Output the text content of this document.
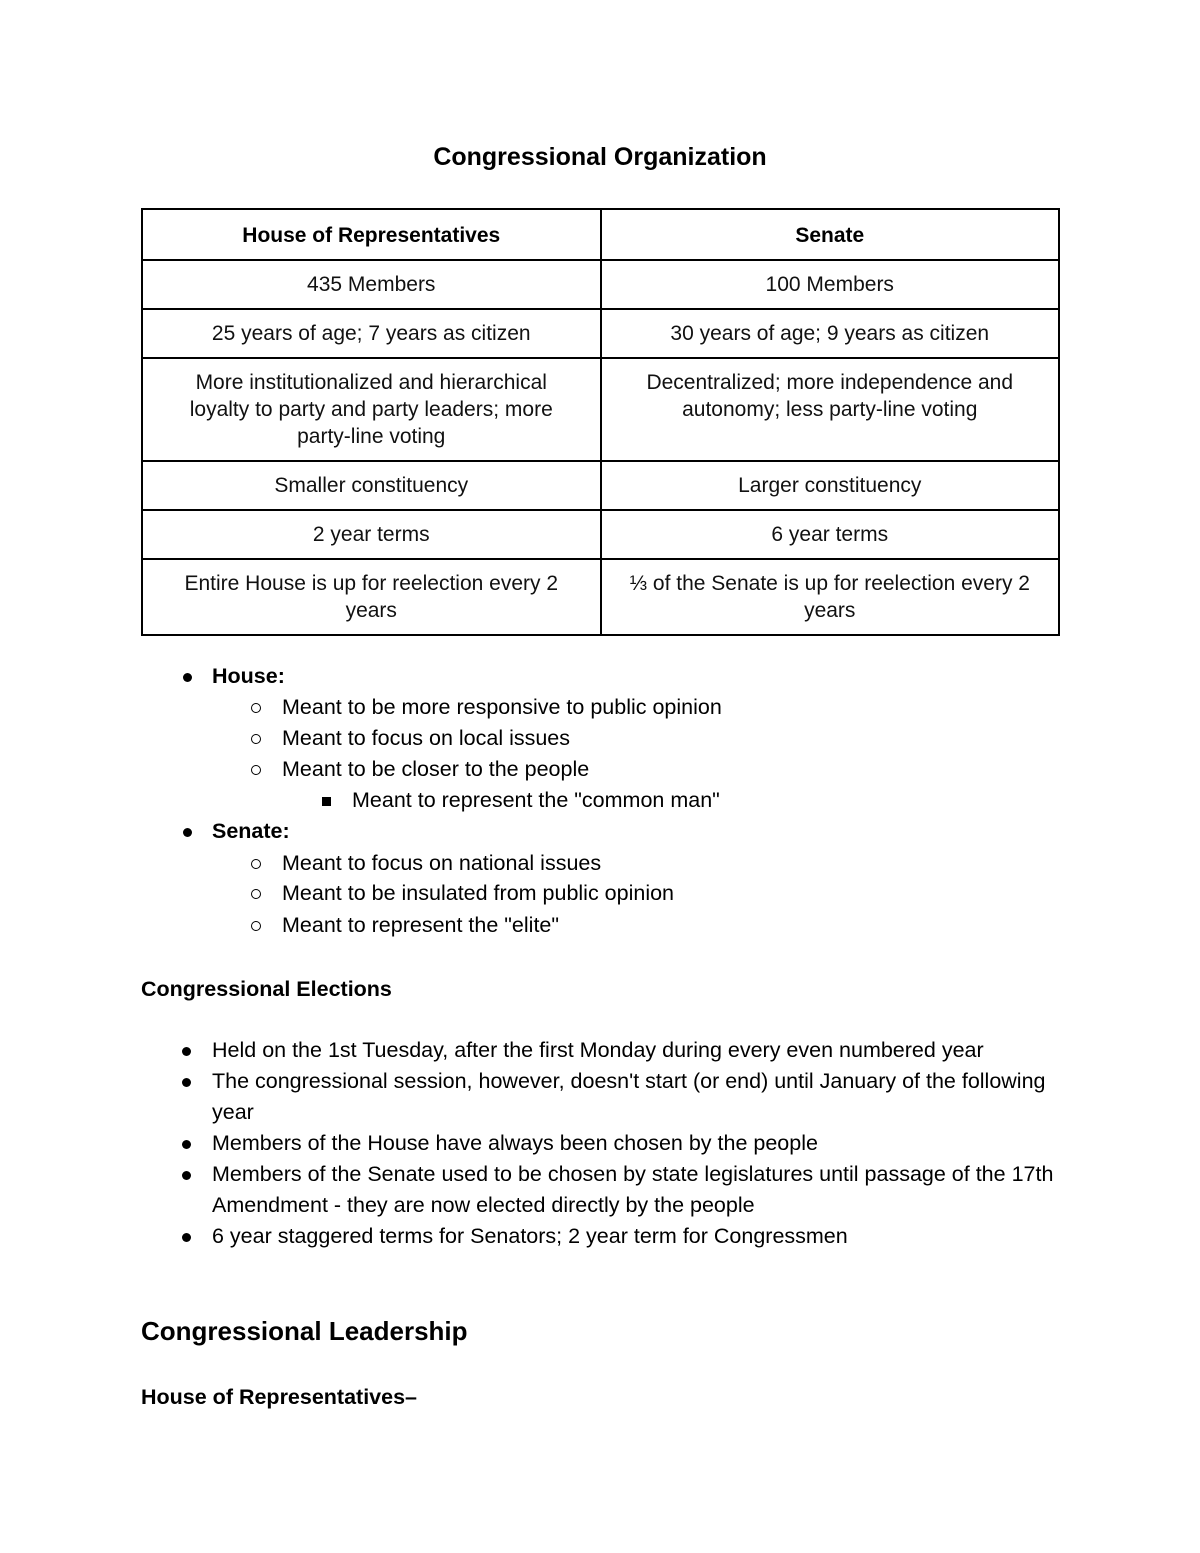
Congressional Organization
House of Representatives	Senate
435 Members	100 Members
25 years of age; 7 years as citizen	30 years of age; 9 years as citizen
More institutionalized and hierarchical loyalty to party and party leaders; more party-line voting	Decentralized; more independence and autonomy; less party-line voting
Smaller constituency	Larger constituency
2 year terms	6 year terms
Entire House is up for reelection every 2 years	⅓ of the Senate is up for reelection every 2 years
House:
Meant to be more responsive to public opinion
Meant to focus on local issues
Meant to be closer to the people
Meant to represent the "common man"
Senate:
Meant to focus on national issues
Meant to be insulated from public opinion
Meant to represent the "elite"
Congressional Elections
Held on the 1st Tuesday, after the first Monday during every even numbered year
The congressional session, however, doesn't start (or end) until January of the following year
Members of the House have always been chosen by the people
Members of the Senate used to be chosen by state legislatures until passage of the 17th Amendment - they are now elected directly by the people
6 year staggered terms for Senators; 2 year term for Congressmen
Congressional Leadership
House of Representatives–
